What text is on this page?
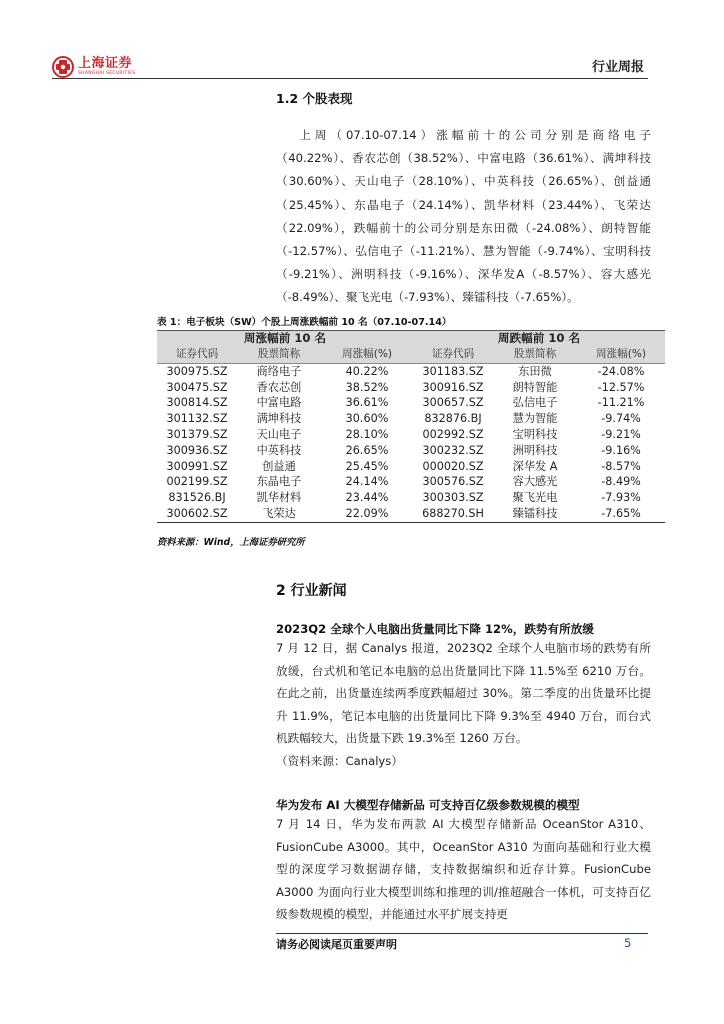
上海证券
SHANGHAI SECURITIES	行业周报
1.2 个股表现

上周（07.10-07.14）涨幅前十的公司分别是商络电子（40.22%）、香农芯创（38.52%）、中富电路（36.61%）、满坤科技（30.60%）、天山电子（28.10%）、中英科技（26.65%）、创益通（25.45%）、东晶电子（24.14%）、凯华材料（23.44%）、飞荣达（22.09%），跌幅前十的公司分别是东田微（-24.08%）、朗特智能（-12.57%）、弘信电子（-11.21%）、慧为智能（-9.74%）、宝明科技（-9.21%）、洲明科技（-9.16%）、深华发A（-8.57%）、容大感光（-8.49%）、聚飞光电（-7.93%）、臻镭科技（-7.65%）。

表 1：电子板块（SW）个股上周涨跌幅前 10 名（07.10-07.14）
周涨幅前 10 名			周跌幅前 10 名		
证券代码	股票简称	周涨幅(%)	证券代码	股票简称	周涨幅(%)
300975.SZ	商络电子	40.22%	301183.SZ	东田微	-24.08%
300475.SZ	香农芯创	38.52%	300916.SZ	朗特智能	-12.57%
300814.SZ	中富电路	36.61%	300657.SZ	弘信电子	-11.21%
301132.SZ	满坤科技	30.60%	832876.BJ	慧为智能	-9.74%
301379.SZ	天山电子	28.10%	002992.SZ	宝明科技	-9.21%
300936.SZ	中英科技	26.65%	300232.SZ	洲明科技	-9.16%
300991.SZ	创益通	25.45%	000020.SZ	深华发 A	-8.57%
002199.SZ	东晶电子	24.14%	300576.SZ	容大感光	-8.49%
831526.BJ	凯华材料	23.44%	300303.SZ	聚飞光电	-7.93%
300602.SZ	飞荣达	22.09%	688270.SH	臻镭科技	-7.65%
资料来源：Wind，上海证券研究所
2 行业新闻
2023Q2 全球个人电脑出货量同比下降 12%，跌势有所放缓

7 月 12 日，据 Canalys 报道，2023Q2 全球个人电脑市场的跌势有所放缓，台式机和笔记本电脑的总出货量同比下降 11.5%至 6210 万台。在此之前，出货量连续两季度跌幅超过 30%。第二季度的出货量环比提升 11.9%，笔记本电脑的出货量同比下降 9.3%至 4940 万台，而台式机跌幅较大，出货量下跌 19.3%至 1260 万台。

（资料来源：Canalys）

华为发布 AI 大模型存储新品 可支持百亿级参数规模的模型

7 月 14 日，华为发布两款 AI 大模型存储新品 OceanStor A310、FusionCube A3000。其中，OceanStor A310 为面向基础和行业大模型的深度学习数据湖存储，支持数据编织和近存计算。FusionCube A3000 为面向行业大模型训练和推理的训/推超融合一体机，可支持百亿级参数规模的模型，并能通过水平扩展支持更

请务必阅读尾页重要声明	5
